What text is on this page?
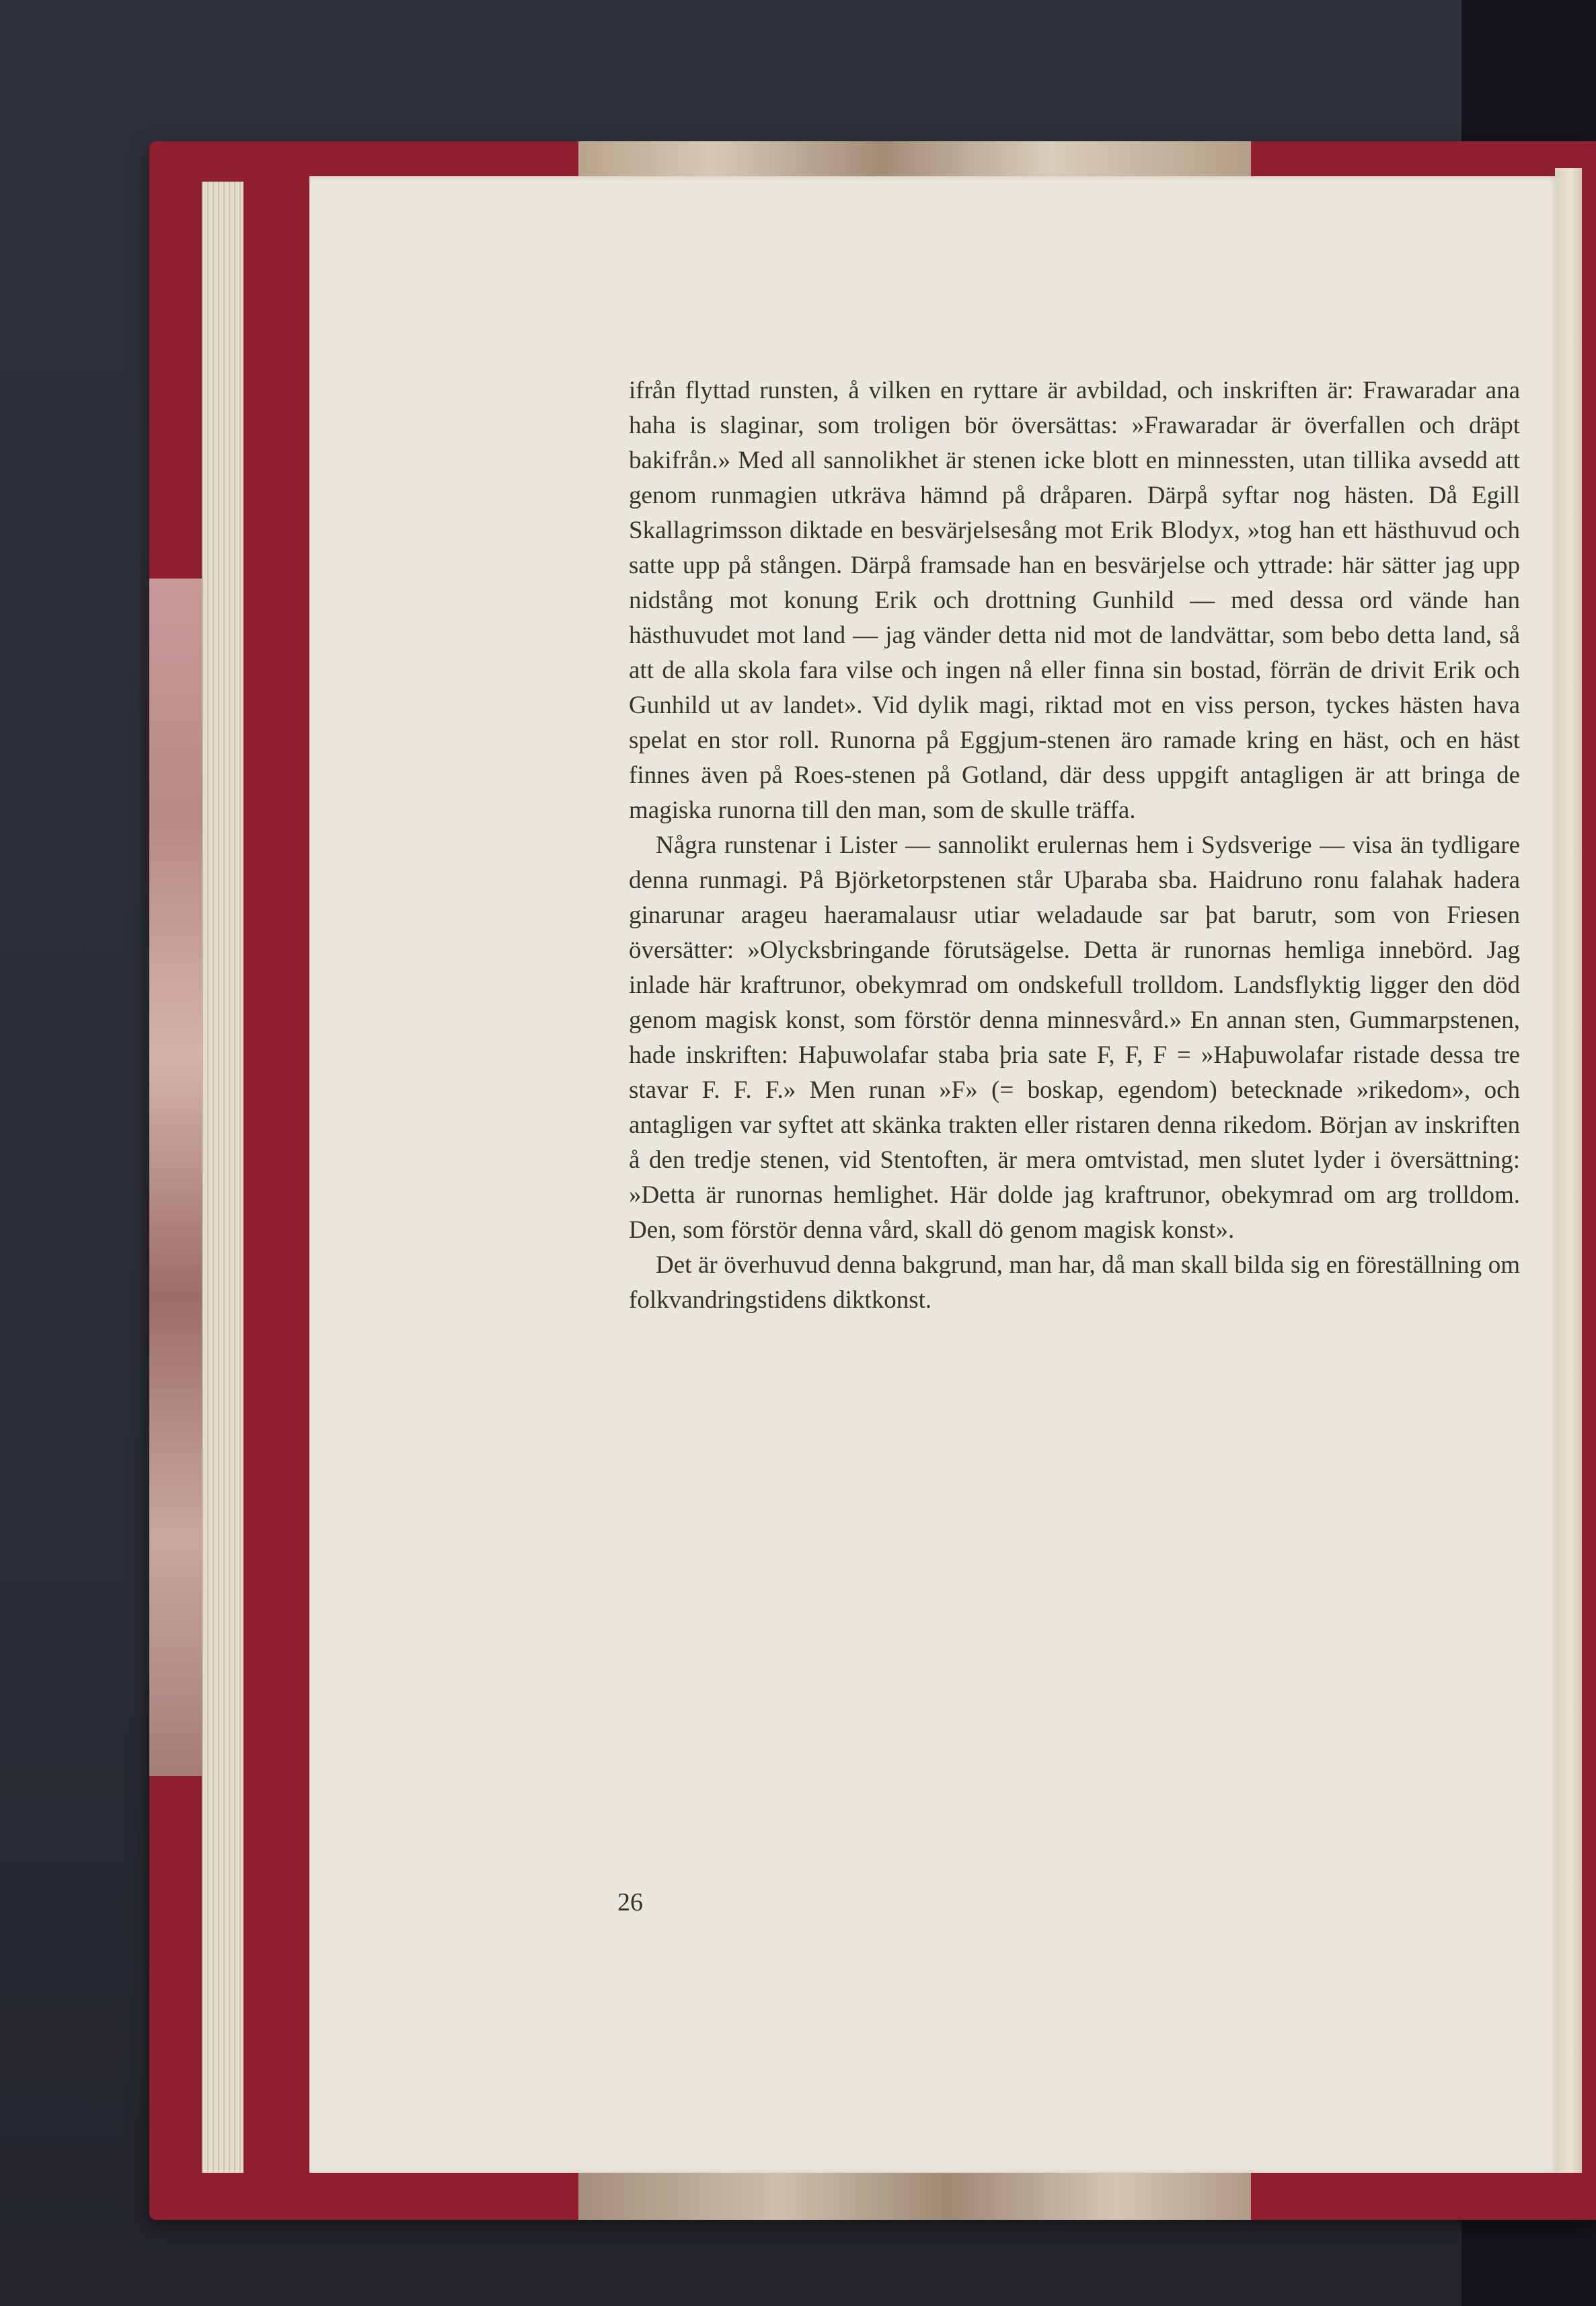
ifrån flyttad runsten, å vilken en ryttare är avbildad, och inskriften är: Frawaradar ana haha is slaginar, som troligen bör översättas: »Frawaradar är överfallen och dräpt bakifrån.» Med all sannolikhet är stenen icke blott en minnessten, utan tillika avsedd att genom runmagien utkräva hämnd på dråparen. Därpå syftar nog hästen. Då Egill Skallagrimsson diktade en besvärjelsesång mot Erik Blodyx, »tog han ett hästhuvud och satte upp på stången. Därpå framsade han en besvärjelse och yttrade: här sätter jag upp nidstång mot konung Erik och drottning Gunhild — med dessa ord vände han hästhuvudet mot land — jag vänder detta nid mot de landvättar, som bebo detta land, så att de alla skola fara vilse och ingen nå eller finna sin bostad, förrän de drivit Erik och Gunhild ut av landet». Vid dylik magi, riktad mot en viss person, tyckes hästen hava spelat en stor roll. Runorna på Eggjum-stenen äro ramade kring en häst, och en häst finnes även på Roes-stenen på Gotland, där dess uppgift antagligen är att bringa de magiska runorna till den man, som de skulle träffa.

Några runstenar i Lister — sannolikt erulernas hem i Sydsverige — visa än tydligare denna runmagi. På Björketorpstenen står Uþaraba sba. Haidruno ronu falahak hadera ginarunar arageu haeramalausr utiar weladaude sar þat barutr, som von Friesen översätter: »Olycksbringande förutsägelse. Detta är runornas hemliga innebörd. Jag inlade här kraftrunor, obekymrad om ondskefull trolldom. Landsflyktig ligger den död genom magisk konst, som förstör denna minnesvård.» En annan sten, Gummarpstenen, hade inskriften: Haþuwolafar staba þria sate F, F, F = »Haþuwolafar ristade dessa tre stavar F. F. F.» Men runan »F» (= boskap, egendom) betecknade »rikedom», och antagligen var syftet att skänka trakten eller ristaren denna rikedom. Början av inskriften å den tredje stenen, vid Stentoften, är mera omtvistad, men slutet lyder i översättning: »Detta är runornas hemlighet. Här dolde jag kraftrunor, obekymrad om arg trolldom. Den, som förstör denna vård, skall dö genom magisk konst».

Det är överhuvud denna bakgrund, man har, då man skall bilda sig en föreställning om folkvandringstidens diktkonst.

26
